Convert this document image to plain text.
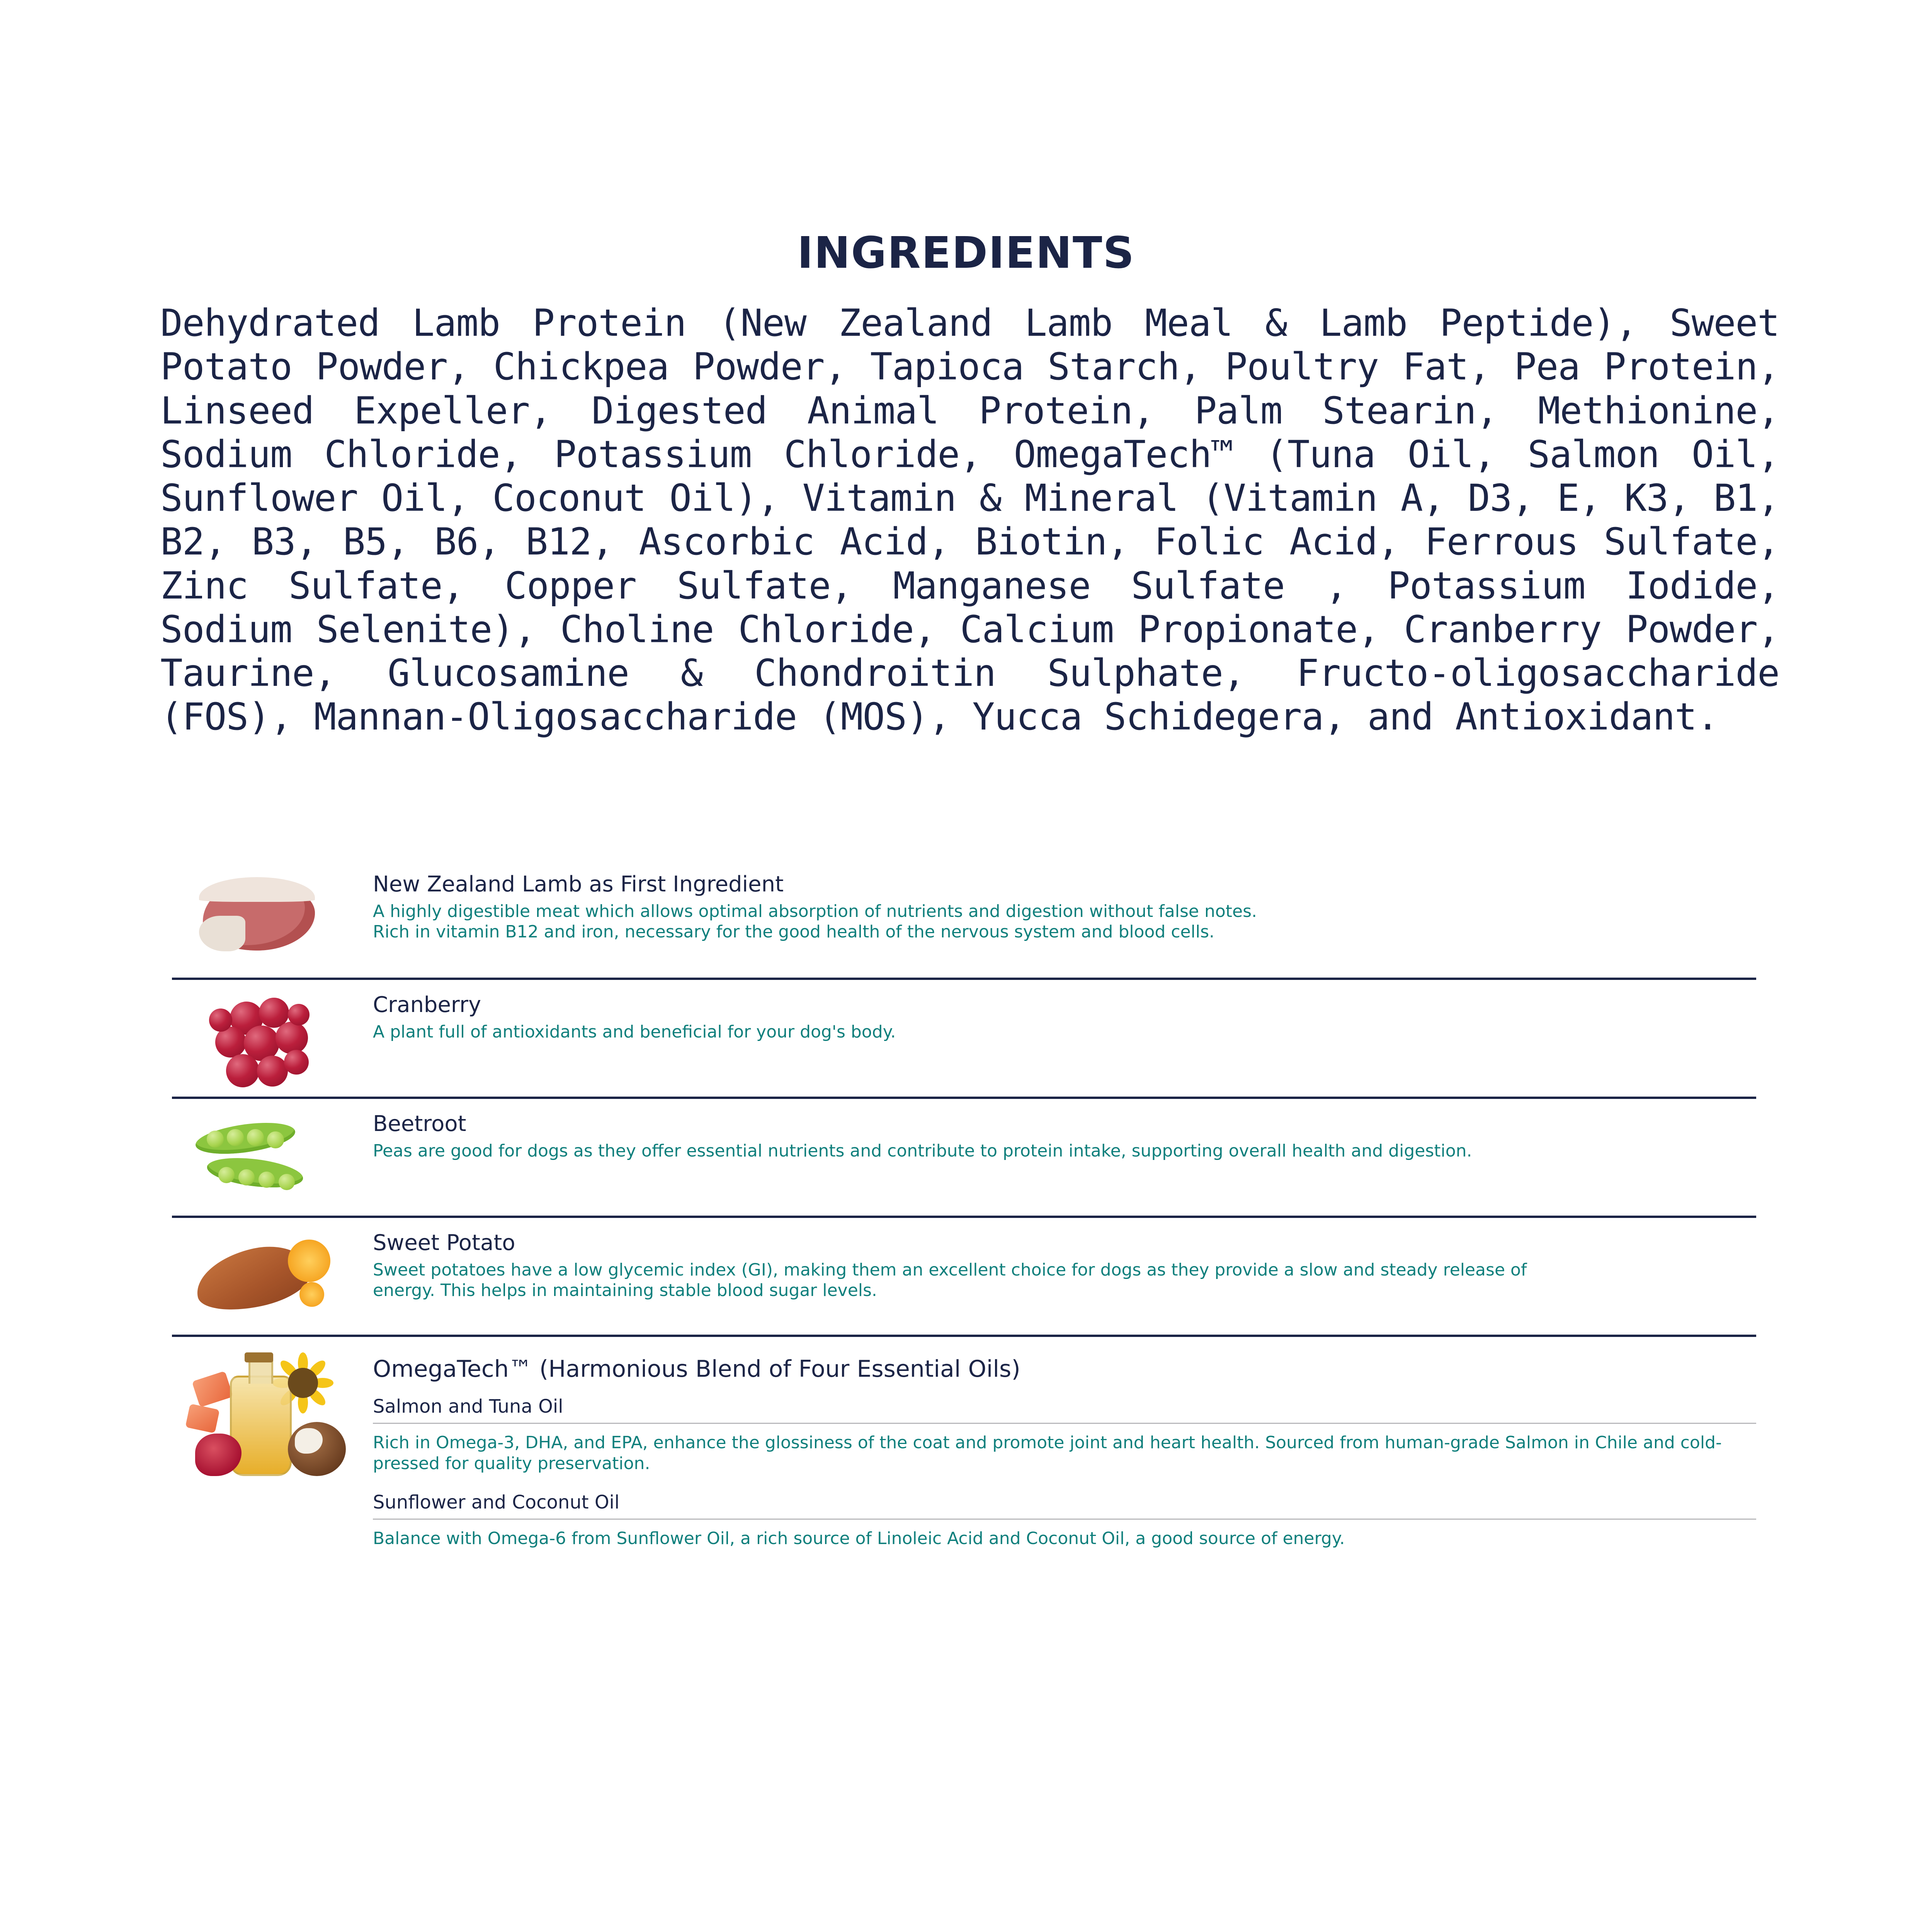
INGREDIENTS
Dehydrated Lamb Protein (New Zealand Lamb Meal & Lamb Peptide), Sweet Potato Powder, Chickpea Powder, Tapioca Starch, Poultry Fat, Pea Protein, Linseed Expeller, Digested Animal Protein, Palm Stearin, Methionine, Sodium Chloride, Potassium Chloride, OmegaTech™ (Tuna Oil, Salmon Oil, Sunflower Oil, Coconut Oil), Vitamin & Mineral (Vitamin A, D3, E, K3, B1, B2, B3, B5, B6, B12, Ascorbic Acid, Biotin, Folic Acid, Ferrous Sulfate, Zinc Sulfate, Copper Sulfate, Manganese Sulfate , Potassium Iodide, Sodium Selenite), Choline Chloride, Calcium Propionate, Cranberry Powder, Taurine, Glucosamine & Chondroitin Sulphate, Fructo-oligosaccharide (FOS), Mannan-Oligosaccharide (MOS), Yucca Schidegera, and Antioxidant.
New Zealand Lamb as First Ingredient
A highly digestible meat which allows optimal absorption of nutrients and digestion without false notes.
Rich in vitamin B12 and iron, necessary for the good health of the nervous system and blood cells.
Cranberry
A plant full of antioxidants and beneficial for your dog's body.
Beetroot
Peas are good for dogs as they offer essential nutrients and contribute to protein intake, supporting overall health and digestion.
Sweet Potato
Sweet potatoes have a low glycemic index (GI), making them an excellent choice for dogs as they provide a slow and steady release of
energy. This helps in maintaining stable blood sugar levels.
OmegaTech™ (Harmonious Blend of Four Essential Oils)
Salmon and Tuna Oil
Rich in Omega-3, DHA, and EPA, enhance the glossiness of the coat and promote joint and heart health. Sourced from human-grade Salmon in Chile and cold-pressed for quality preservation.
Sunflower and Coconut Oil
Balance with Omega-6 from Sunflower Oil, a rich source of Linoleic Acid and Coconut Oil, a good source of energy.
